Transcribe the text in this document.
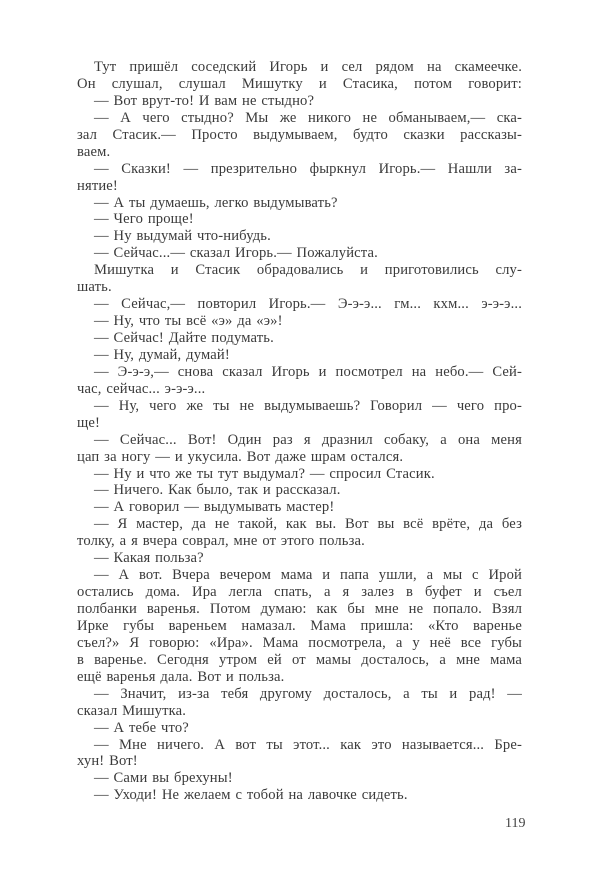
Тут пришёл соседский Игорь и сел рядом на скамеечке.
Он слушал, слушал Мишутку и Стасика, потом говорит:
— Вот врут-то! И вам не стыдно?
— А чего стыдно? Мы же никого не обманываем,— ска-
зал Стасик.— Просто выдумываем, будто сказки рассказы-
ваем.
— Сказки! — презрительно фыркнул Игорь.— Нашли за-
нятие!
— А ты думаешь, легко выдумывать?
— Чего проще!
— Ну выдумай что-нибудь.
— Сейчас...— сказал Игорь.— Пожалуйста.
Мишутка и Стасик обрадовались и приготовились слу-
шать.
— Сейчас,— повторил Игорь.— Э-э-э... гм... кхм... э-э-э...
— Ну, что ты всё «э» да «э»!
— Сейчас! Дайте подумать.
— Ну, думай, думай!
— Э-э-э,— снова сказал Игорь и посмотрел на небо.— Сей-
час, сейчас... э-э-э...
— Ну, чего же ты не выдумываешь? Говорил — чего про-
ще!
— Сейчас... Вот! Один раз я дразнил собаку, а она меня
цап за ногу — и укусила. Вот даже шрам остался.
— Ну и что же ты тут выдумал? — спросил Стасик.
— Ничего. Как было, так и рассказал.
— А говорил — выдумывать мастер!
— Я мастер, да не такой, как вы. Вот вы всё врёте, да без
толку, а я вчера соврал, мне от этого польза.
— Какая польза?
— А вот. Вчера вечером мама и папа ушли, а мы с Ирой
остались дома. Ира легла спать, а я залез в буфет и съел
полбанки варенья. Потом думаю: как бы мне не попало. Взял
Ирке губы вареньем намазал. Мама пришла: «Кто варенье
съел?» Я говорю: «Ира». Мама посмотрела, а у неё все губы
в варенье. Сегодня утром ей от мамы досталось, а мне мама
ещё варенья дала. Вот и польза.
— Значит, из-за тебя другому досталось, а ты и рад! —
сказал Мишутка.
— А тебе что?
— Мне ничего. А вот ты этот... как это называется... Бре-
хун! Вот!
— Сами вы брехуны!
— Уходи! Не желаем с тобой на лавочке сидеть.
119
